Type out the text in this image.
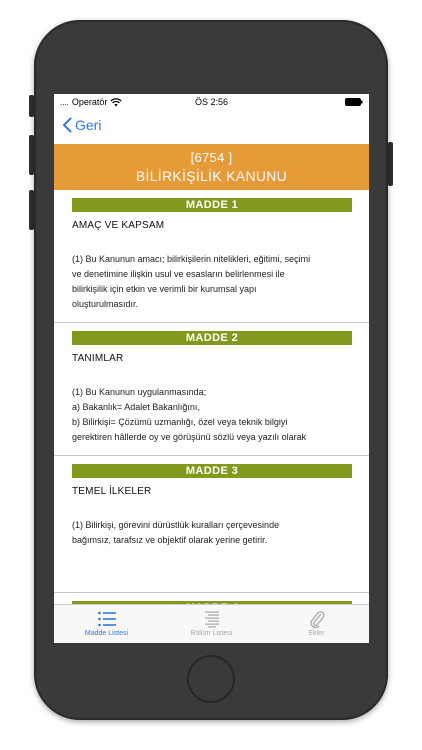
.... Operatör	ÖS 2:56
Geri
[6754 ]
BİLİRKİŞİLİK KANUNU
MADDE 1
AMAÇ VE KAPSAM

(1) Bu Kanunun amacı; bilirkişilerin nitelikleri, eğitimi, seçimi

ve denetimine ilişkin usul ve esasların belirlenmesi ile

bilirkişilik için etkin ve verimli bir kurumsal yapı

oluşturulmasıdır.

MADDE 2
TANIMLAR

(1) Bu Kanunun uygulanmasında;

a) Bakanlık= Adalet Bakanlığını,

b) Bilirkişi= Çözümü uzmanlığı, özel veya teknik bilgiyi

gerektiren hâllerde oy ve görüşünü sözlü veya yazılı olarak

MADDE 3
TEMEL İLKELER

(1) Bilirkişi, görevini dürüstlük kuralları çerçevesinde

bağımsız, tarafsız ve objektif olarak yerine getirir.

Madde Listesi	Bölüm Listesi	Ekler
